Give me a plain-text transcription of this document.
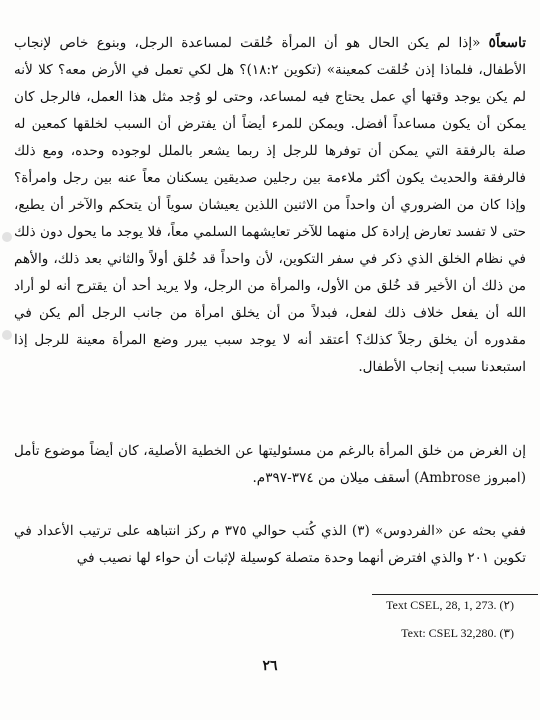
تاسعاً٥ «إذا لم يكن الحال هو أن المرأة خُلقت لمساعدة الرجل، وبنوع خاص لإنجاب الأطفال، فلماذا إذن خُلقت كمعينة» (تكوين ١٨:٢)؟ هل لكي تعمل في الأرض معه؟ كلا لأنه لم يكن يوجد وقتها أي عمل يحتاج فيه لمساعد، وحتى لو وُجد مثل هذا العمل، فالرجل كان يمكن أن يكون مساعداً أفضل. ويمكن للمرء أيضاً أن يفترض أن السبب لخلقها كمعين له صلة بالرفقة التي يمكن أن توفرها للرجل إذ ربما يشعر بالملل لوجوده وحده، ومع ذلك فالرفقة والحديث يكون أكثر ملاءمة بين رجلين صديقين يسكنان معاً عنه بين رجل وامرأة؟ وإذا كان من الضروري أن واحداً من الاثنين اللذين يعيشان سوياً أن يتحكم والآخر أن يطيع، حتى لا تفسد تعارض إرادة كل منهما للآخر تعايشهما السلمي معاً، فلا يوجد ما يحول دون ذلك في نظام الخلق الذي ذكر في سفر التكوين، لأن واحداً قد خُلق أولاً والثاني بعد ذلك، والأهم من ذلك أن الأخير قد خُلق من الأول، والمرأة من الرجل، ولا يريد أحد أن يقترح أنه لو أراد الله أن يفعل خلاف ذلك لفعل، فبدلاً من أن يخلق امرأة من جانب الرجل ألم يكن في مقدوره أن يخلق رجلاً كذلك؟ أعتقد أنه لا يوجد سبب يبرر وضع المرأة معينة للرجل إذا استبعدنا سبب إنجاب الأطفال.
إن الغرض من خلق المرأة بالرغم من مسئوليتها عن الخطية الأصلية، كان أيضاً موضوع تأمل (امبروز Ambrose) أسقف ميلان من ٣٧٤-٣٩٧م.
ففي بحثه عن «الفردوس» (٣) الذي كُتب حوالي ٣٧٥ م ركز انتباهه على ترتيب الأعداد في تكوين ٢٠١ والذي افترض أنهما وحدة متصلة كوسيلة لإثبات أن حواء لها نصيب في
Text CSEL, 28, 1, 273. (٢)
Text: CSEL 32,280. (٣)
٢٦
